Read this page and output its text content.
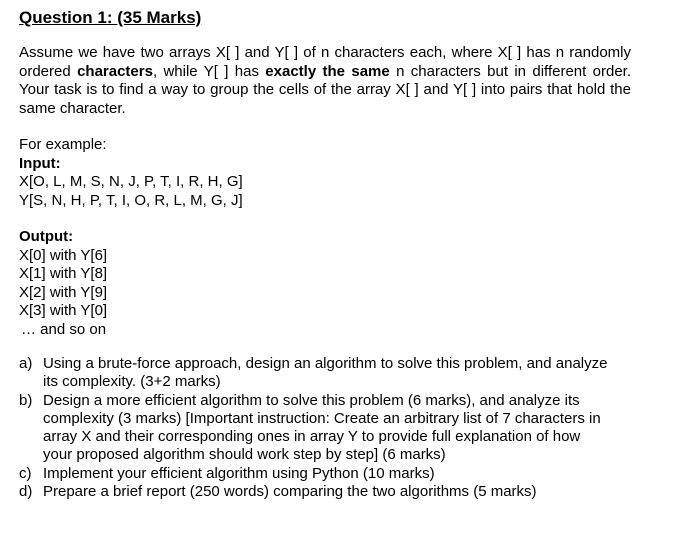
Question 1: (35 Marks)

Assume we have two arrays X[ ] and Y[ ] of n characters each, where X[ ] has n randomly ordered characters, while Y[ ] has exactly the same n characters but in different order. Your task is to find a way to group the cells of the array X[ ] and Y[ ] into pairs that hold the same character.

For example:
Input:
X[O, L, M, S, N, J, P, T, I, R, H, G]
Y[S, N, H, P, T, I, O, R, L, M, G, J]
Output:
X[0] with Y[6]
X[1] with Y[8]
X[2] with Y[9]
X[3] with Y[0]
… and so on
a) Using a brute-force approach, design an algorithm to solve this problem, and analyze its complexity. (3+2 marks)
b) Design a more efficient algorithm to solve this problem (6 marks), and analyze its complexity (3 marks) [Important instruction: Create an arbitrary list of 7 characters in array X and their corresponding ones in array Y to provide full explanation of how your proposed algorithm should work step by step] (6 marks)
c) Implement your efficient algorithm using Python (10 marks)
d) Prepare a brief report (250 words) comparing the two algorithms (5 marks)
